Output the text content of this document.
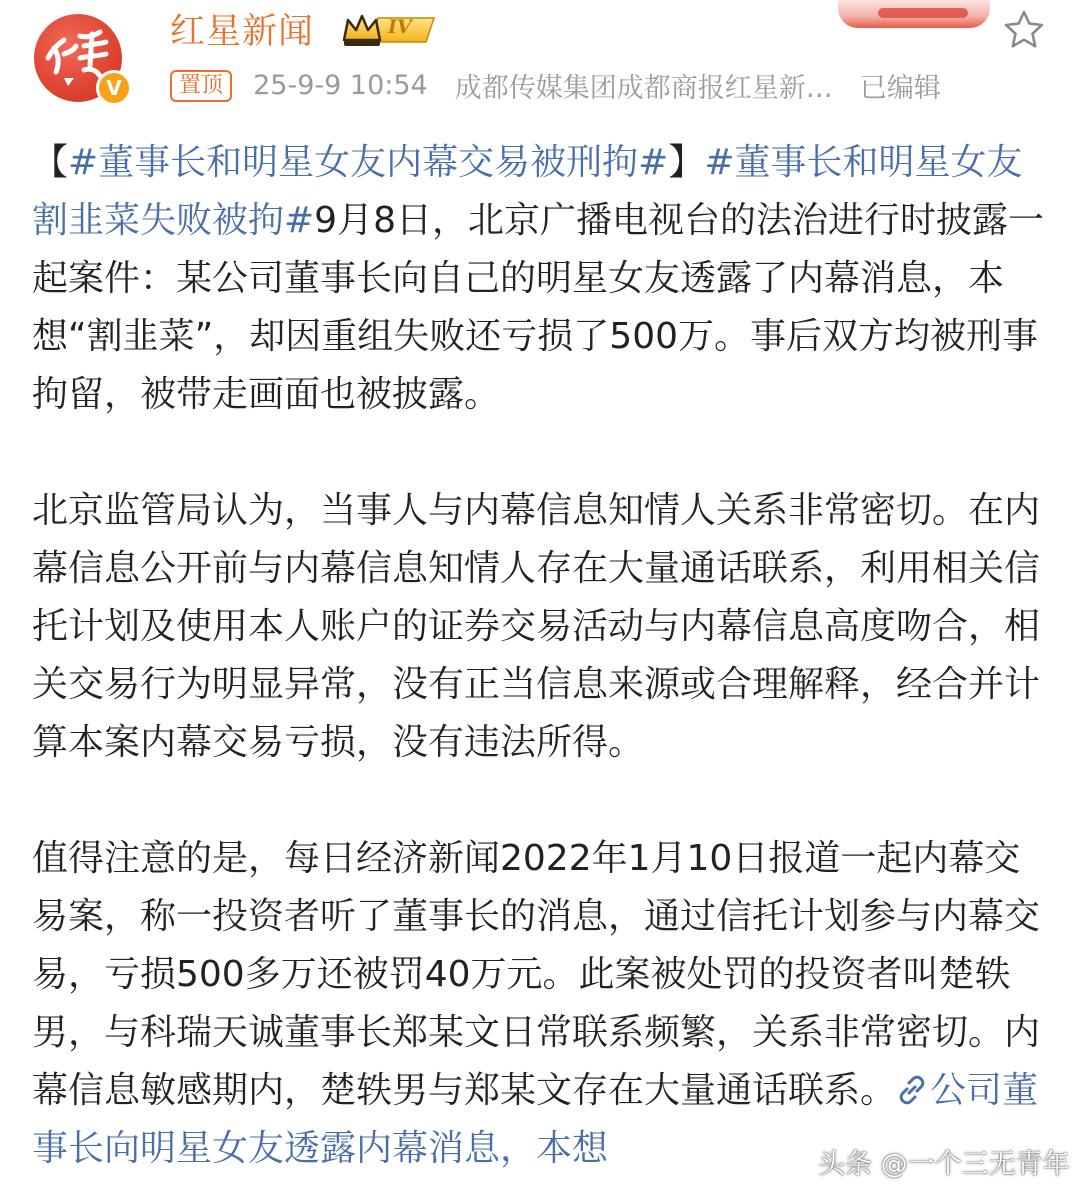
V
红星新闻	IV
置顶 25-9-9 10:54 成都传媒集团成都商报红星新… 已编辑

【#董事长和明星女友内幕交易被刑拘#】#董事长和明星女友割韭菜失败被拘#9月8日，北京广播电视台的法治进行时披露一起案件：某公司董事长向自己的明星女友透露了内幕消息，本想“割韭菜”，却因重组失败还亏损了500万。事后双方均被刑事拘留，被带走画面也被披露。

北京监管局认为，当事人与内幕信息知情人关系非常密切。在内幕信息公开前与内幕信息知情人存在大量通话联系，利用相关信托计划及使用本人账户的证券交易活动与内幕信息高度吻合，相关交易行为明显异常，没有正当信息来源或合理解释，经合并计算本案内幕交易亏损，没有违法所得。

值得注意的是，每日经济新闻2022年1月10日报道一起内幕交易案，称一投资者听了董事长的消息，通过信托计划参与内幕交易，亏损500多万还被罚40万元。此案被处罚的投资者叫楚轶男，与科瑞天诚董事长郑某文日常联系频繁，关系非常密切。内幕信息敏感期内，楚轶男与郑某文存在大量通话联系。 公司董事长向明星女友透露内幕消息，本想	头条 @一个三无青年
